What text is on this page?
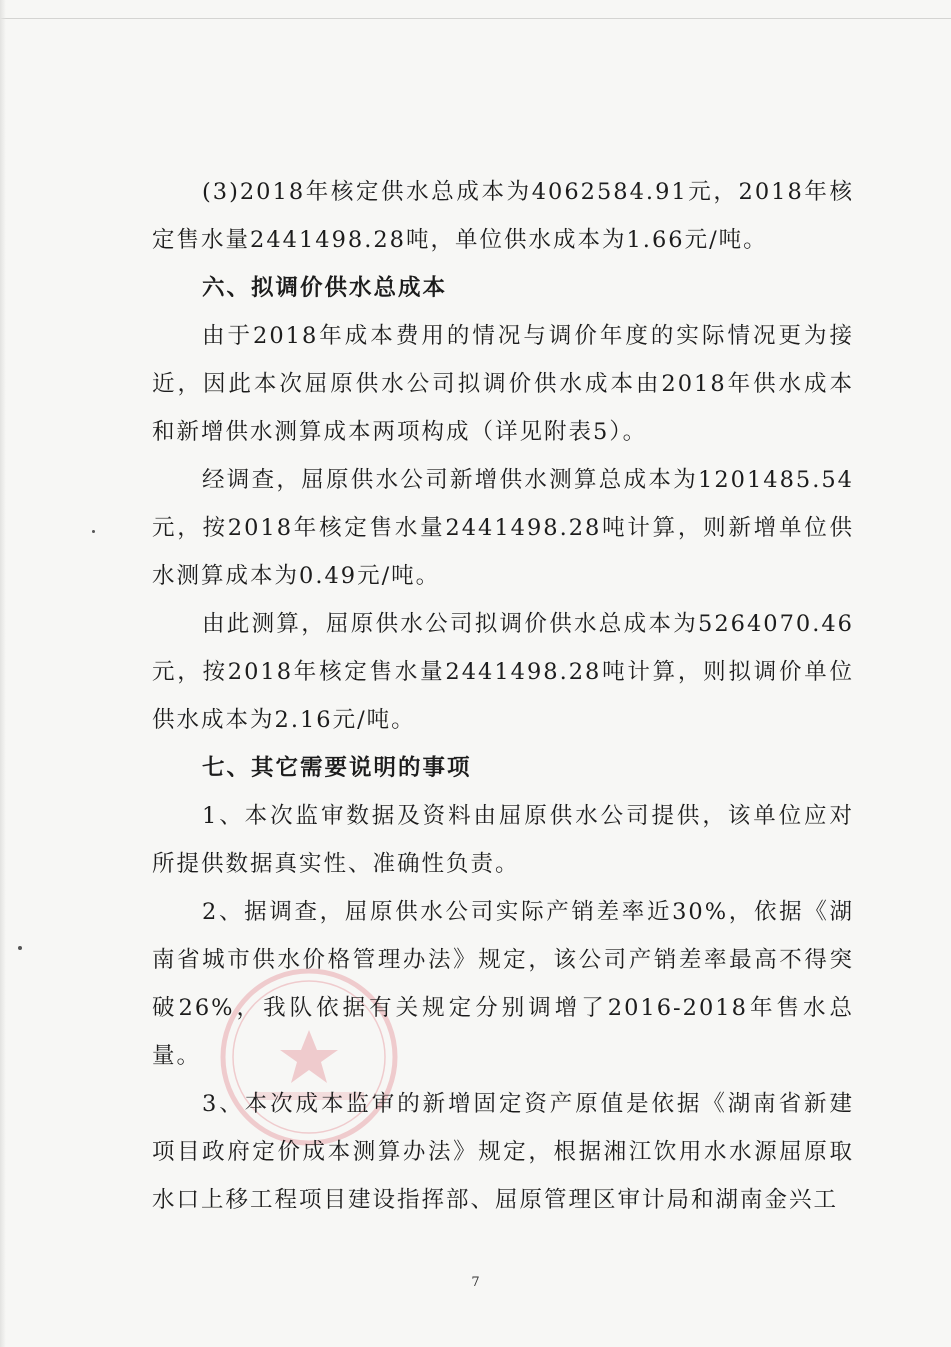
(3)2018年核定供水总成本为4062584.91元，2018年核定售水量2441498.28吨，单位供水成本为1.66元/吨。

六、拟调价供水总成本

由于2018年成本费用的情况与调价年度的实际情况更为接近，因此本次屈原供水公司拟调价供水成本由2018年供水成本和新增供水测算成本两项构成（详见附表5）。

经调查，屈原供水公司新增供水测算总成本为1201485.54元，按2018年核定售水量2441498.28吨计算，则新增单位供水测算成本为0.49元/吨。

由此测算，屈原供水公司拟调价供水总成本为5264070.46元，按2018年核定售水量2441498.28吨计算，则拟调价单位供水成本为2.16元/吨。

七、其它需要说明的事项

1、本次监审数据及资料由屈原供水公司提供，该单位应对所提供数据真实性、准确性负责。

2、据调查，屈原供水公司实际产销差率近30%，依据《湖南省城市供水价格管理办法》规定，该公司产销差率最高不得突破26%，我队依据有关规定分别调增了2016-2018年售水总量。

3、本次成本监审的新增固定资产原值是依据《湖南省新建项目政府定价成本测算办法》规定，根据湘江饮用水水源屈原取水口上移工程项目建设指挥部、屈原管理区审计局和湖南金兴工

7
